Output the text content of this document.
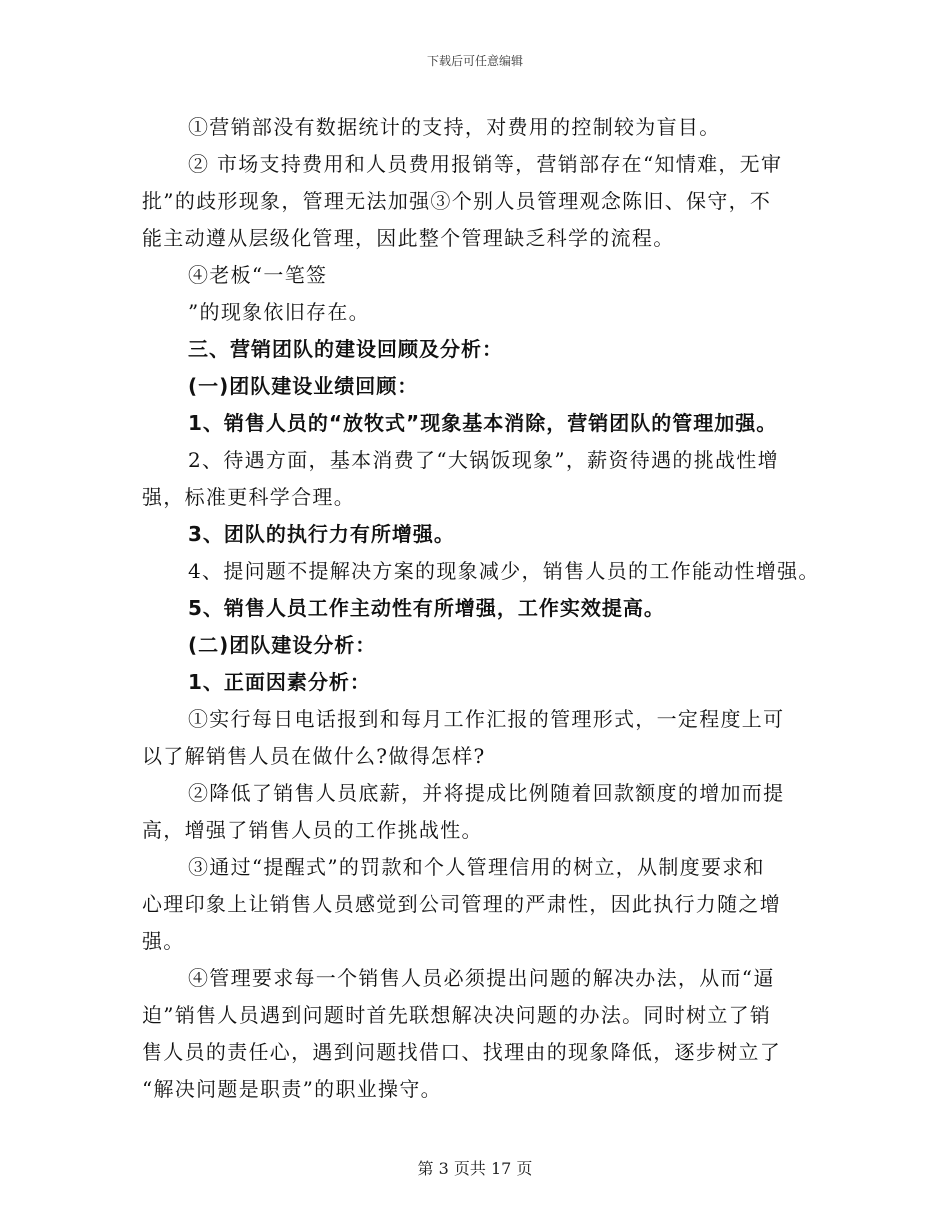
下载后可任意编辑
①营销部没有数据统计的支持，对费用的控制较为盲目。
② 市场支持费用和人员费用报销等，营销部存在“知情难，无审
批”的歧形现象，管理无法加强③个别人员管理观念陈旧、保守，不
能主动遵从层级化管理，因此整个管理缺乏科学的流程。
④老板“一笔签
”的现象依旧存在。
三、营销团队的建设回顾及分析：
(一)团队建设业绩回顾：
1、销售人员的“放牧式”现象基本消除，营销团队的管理加强。
2、待遇方面，基本消费了“大锅饭现象”，薪资待遇的挑战性增
强，标准更科学合理。
3、团队的执行力有所增强。
4、提问题不提解决方案的现象减少，销售人员的工作能动性增强。
5、销售人员工作主动性有所增强，工作实效提高。
(二)团队建设分析：
1、正面因素分析：
①实行每日电话报到和每月工作汇报的管理形式，一定程度上可
以了解销售人员在做什么?做得怎样?
②降低了销售人员底薪，并将提成比例随着回款额度的增加而提
高，增强了销售人员的工作挑战性。
③通过“提醒式”的罚款和个人管理信用的树立，从制度要求和
心理印象上让销售人员感觉到公司管理的严肃性，因此执行力随之增
强。
④管理要求每一个销售人员必须提出问题的解决办法，从而“逼
迫”销售人员遇到问题时首先联想解决决问题的办法。同时树立了销
售人员的责任心，遇到问题找借口、找理由的现象降低，逐步树立了
“解决问题是职责”的职业操守。
第 3 页共 17 页
